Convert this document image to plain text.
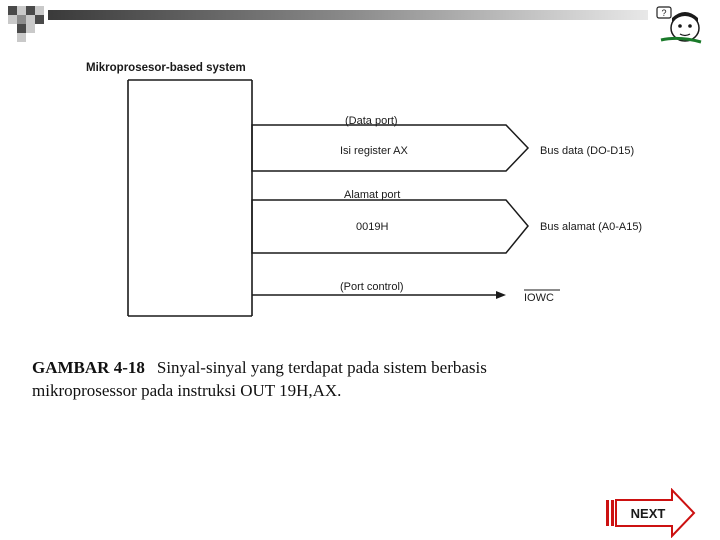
?
Mikroprosesor-based system
(Data port)
Isi register AX	Bus data (DO-D15)
Alamat port
0019H	Bus alamat (A0-A15)
(Port control)
IOWC
GAMBAR 4-18 Sinyal-sinyal yang terdapat pada sistem berbasis
mikroprosessor pada instruksi OUT 19H,AX.
NEXT
